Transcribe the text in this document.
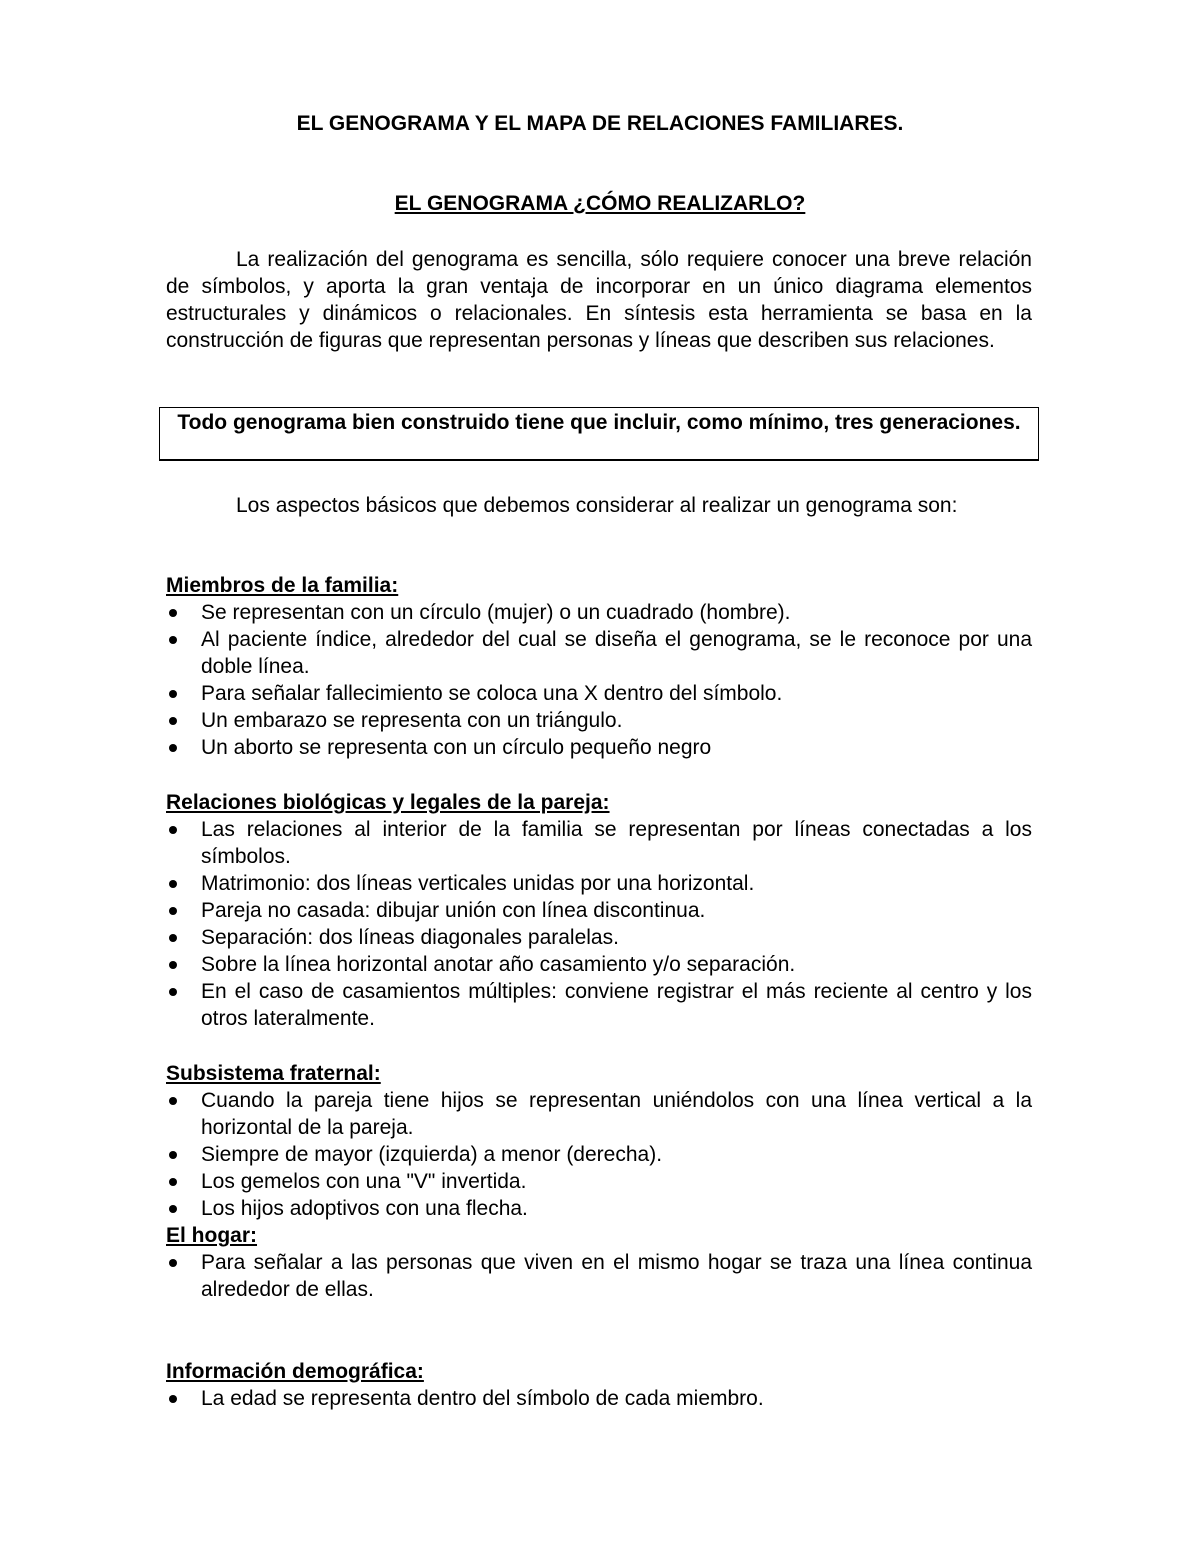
EL GENOGRAMA Y EL MAPA DE RELACIONES FAMILIARES.
EL GENOGRAMA ¿CÓMO REALIZARLO?

La realización del genograma es sencilla, sólo requiere conocer una breve relación de símbolos, y aporta la gran ventaja de incorporar en un único diagrama elementos estructurales y dinámicos o relacionales. En síntesis esta herramienta se basa en la construcción de figuras que representan personas y líneas que describen sus relaciones.

Todo genograma bien construido tiene que incluir, como mínimo, tres generaciones.

Los aspectos básicos que debemos considerar al realizar un genograma son:

Miembros de la familia:

Se representan con un círculo (mujer) o un cuadrado (hombre).
Al paciente índice, alrededor del cual se diseña el genograma, se le reconoce por una doble línea.
Para señalar fallecimiento se coloca una X dentro del símbolo.
Un embarazo se representa con un triángulo.
Un aborto se representa con un círculo pequeño negro

Relaciones biológicas y legales de la pareja:

Las relaciones al interior de la familia se representan por líneas conectadas a los símbolos.
Matrimonio: dos líneas verticales unidas por una horizontal.
Pareja no casada: dibujar unión con línea discontinua.
Separación: dos líneas diagonales paralelas.
Sobre la línea horizontal anotar año casamiento y/o separación.
En el caso de casamientos múltiples: conviene registrar el más reciente al centro y los otros lateralmente.

Subsistema fraternal:

Cuando la pareja tiene hijos se representan uniéndolos con una línea vertical a la horizontal de la pareja.
Siempre de mayor (izquierda) a menor (derecha).
Los gemelos con una "V" invertida.
Los hijos adoptivos con una flecha.

El hogar:

Para señalar a las personas que viven en el mismo hogar se traza una línea continua alrededor de ellas.

Información demográfica:

La edad se representa dentro del símbolo de cada miembro.
